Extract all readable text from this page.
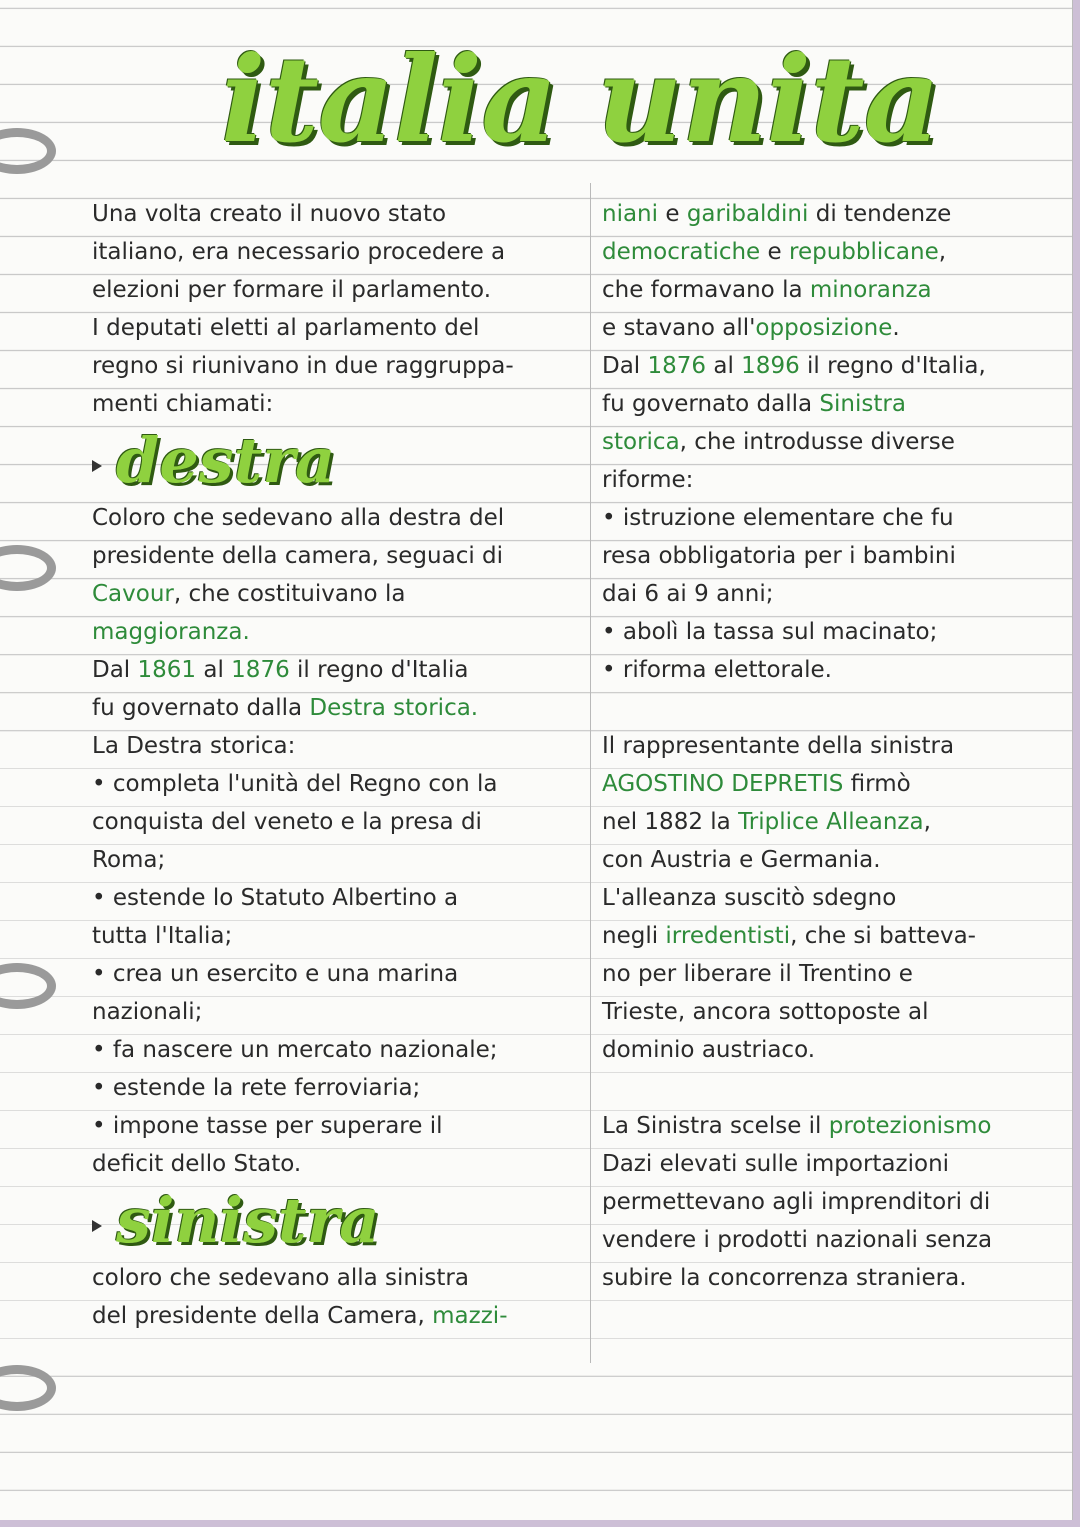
italia unita
Una volta creato il nuovo stato
italiano, era necessario procedere a
elezioni per formare il parlamento.
I deputati eletti al parlamento del
regno si riunivano in due raggruppa-
menti chiamati:
destra
Coloro che sedevano alla destra del
presidente della camera, seguaci di
Cavour, che costituivano la
maggioranza.
Dal 1861 al 1876 il regno d'Italia
fu governato dalla Destra storica.
La Destra storica:
• completa l'unità del Regno con la
conquista del veneto e la presa di
Roma;
• estende lo Statuto Albertino a
tutta l'Italia;
• crea un esercito e una marina
nazionali;
• fa nascere un mercato nazionale;
• estende la rete ferroviaria;
• impone tasse per superare il
deficit dello Stato.
sinistra
coloro che sedevano alla sinistra
del presidente della Camera, mazzi-
niani e garibaldini di tendenze
democratiche e repubblicane,
che formavano la minoranza
e stavano all'opposizione.
Dal 1876 al 1896 il regno d'Italia,
fu governato dalla Sinistra
storica, che introdusse diverse
riforme:
• istruzione elementare che fu
resa obbligatoria per i bambini
dai 6 ai 9 anni;
• abolì la tassa sul macinato;
• riforma elettorale.
Il rappresentante della sinistra
AGOSTINO DEPRETIS firmò
nel 1882 la Triplice Alleanza,
con Austria e Germania.
L'alleanza suscitò sdegno
negli irredentisti, che si batteva-
no per liberare il Trentino e
Trieste, ancora sottoposte al
dominio austriaco.
La Sinistra scelse il protezionismo
Dazi elevati sulle importazioni
permettevano agli imprenditori di
vendere i prodotti nazionali senza
subire la concorrenza straniera.
